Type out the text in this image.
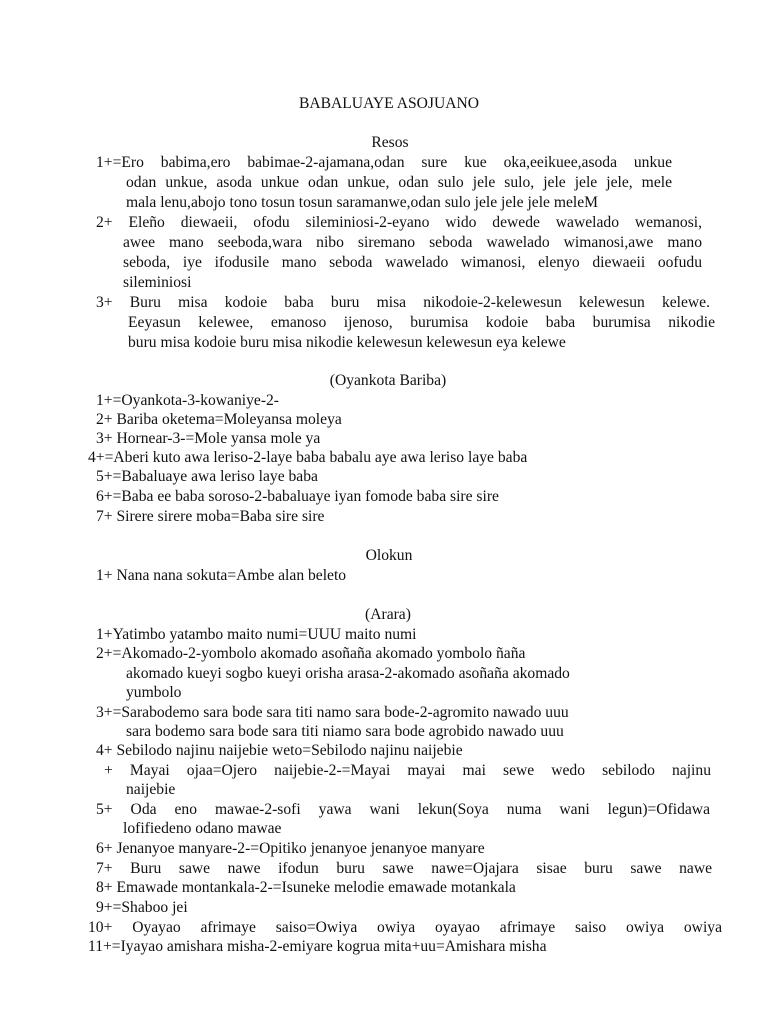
BABALUAYE ASOJUANO
Resos
1+=Ero babima,ero babimae-2-ajamana,odan sure kue oka,eeikuee,asoda unkue
odan unkue, asoda unkue odan unkue, odan sulo jele sulo, jele jele jele, mele
mala lenu,abojo tono tosun tosun saramanwe,odan sulo jele jele jele meleM
2+ Eleño diewaeii, ofodu sileminiosi-2-eyano wido dewede wawelado wemanosi,
awee mano seeboda,wara nibo siremano seboda wawelado wimanosi,awe mano
seboda, iye ifodusile mano seboda wawelado wimanosi, elenyo diewaeii oofudu
sileminiosi
3+ Buru misa kodoie baba buru misa nikodoie-2-kelewesun kelewesun kelewe.
Eeyasun kelewee, emanoso ijenoso, burumisa kodoie baba burumisa nikodie
buru misa kodoie buru misa nikodie kelewesun kelewesun eya kelewe
(Oyankota Bariba)
1+=Oyankota-3-kowaniye-2-
2+ Bariba oketema=Moleyansa moleya
3+ Hornear-3-=Mole yansa mole ya
4+=Aberi kuto awa leriso-2-laye baba babalu aye awa leriso laye baba
5+=Babaluaye awa leriso laye baba
6+=Baba ee baba soroso-2-babaluaye iyan fomode baba sire sire
7+ Sirere sirere moba=Baba sire sire
Olokun
1+ Nana nana sokuta=Ambe alan beleto
(Arara)
1+Yatimbo yatambo maito numi=UUU maito numi
2+=Akomado-2-yombolo akomado asoñaña akomado yombolo ñaña
akomado kueyi sogbo kueyi orisha arasa-2-akomado asoñaña akomado
yumbolo
3+=Sarabodemo sara bode sara titi namo sara bode-2-agromito nawado uuu
sara bodemo sara bode sara titi niamo sara bode agrobido nawado uuu
4+ Sebilodo najinu naijebie weto=Sebilodo najinu naijebie
+ Mayai ojaa=Ojero naijebie-2-=Mayai mayai mai sewe wedo sebilodo najinu
naijebie
5+ Oda eno mawae-2-sofi yawa wani lekun(Soya numa wani legun)=Ofidawa
lofifiedeno odano mawae
6+ Jenanyoe manyare-2-=Opitiko jenanyoe jenanyoe manyare
7+ Buru sawe nawe ifodun buru sawe nawe=Ojajara sisae buru sawe nawe
8+ Emawade montankala-2-=Isuneke melodie emawade motankala
9+=Shaboo jei
10+ Oyayao afrimaye saiso=Owiya owiya oyayao afrimaye saiso owiya owiya
11+=Iyayao amishara misha-2-emiyare kogrua mita+uu=Amishara misha
